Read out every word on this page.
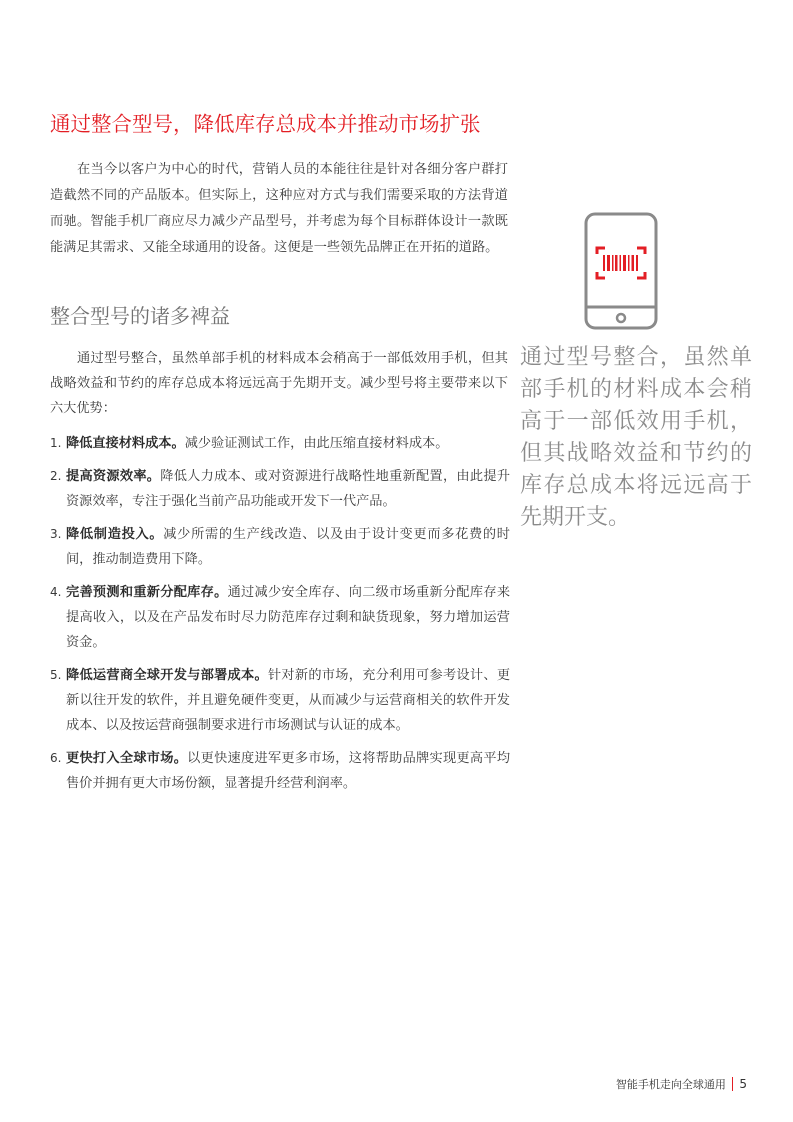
通过整合型号，降低库存总成本并推动市场扩张

在当今以客户为中心的时代，营销人员的本能往往是针对各细分客户群打造截然不同的产品版本。但实际上，这种应对方式与我们需要采取的方法背道而驰。智能手机厂商应尽力减少产品型号，并考虑为每个目标群体设计一款既能满足其需求、又能全球通用的设备。这便是一些领先品牌正在开拓的道路。

整合型号的诸多裨益

通过型号整合，虽然单部手机的材料成本会稍高于一部低效用手机，但其战略效益和节约的库存总成本将远远高于先期开支。减少型号将主要带来以下六大优势：

1. 降低直接材料成本。减少验证测试工作，由此压缩直接材料成本。
2. 提高资源效率。降低人力成本、或对资源进行战略性地重新配置，由此提升资源效率，专注于强化当前产品功能或开发下一代产品。
3. 降低制造投入。减少所需的生产线改造、以及由于设计变更而多花费的时间，推动制造费用下降。
4. 完善预测和重新分配库存。通过减少安全库存、向二级市场重新分配库存来提高收入，以及在产品发布时尽力防范库存过剩和缺货现象，努力增加运营资金。
5. 降低运营商全球开发与部署成本。针对新的市场，充分利用可参考设计、更新以往开发的软件，并且避免硬件变更，从而减少与运营商相关的软件开发成本、以及按运营商强制要求进行市场测试与认证的成本。
6. 更快打入全球市场。以更快速度进军更多市场，这将帮助品牌实现更高平均售价并拥有更大市场份额，显著提升经营利润率。

通过型号整合，虽然单部手机的材料成本会稍高于一部低效用手机，但其战略效益和节约的库存总成本将远远高于先期开支。

智能手机走向全球通用 5
